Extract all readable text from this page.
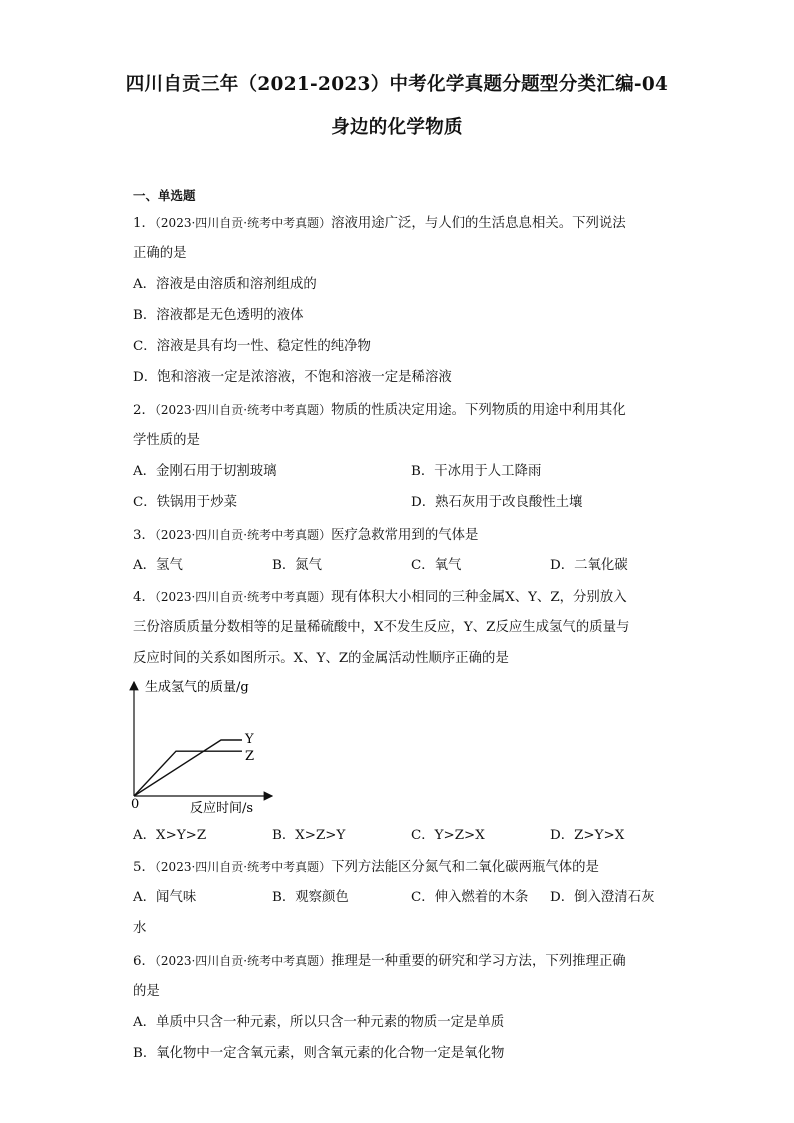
四川自贡三年（2021-2023）中考化学真题分题型分类汇编-04
身边的化学物质
一、单选题
1．（2023·四川自贡·统考中考真题）溶液用途广泛，与人们的生活息息相关。下列说法
正确的是
A．溶液是由溶质和溶剂组成的
B．溶液都是无色透明的液体
C．溶液是具有均一性、稳定性的纯净物
D．饱和溶液一定是浓溶液，不饱和溶液一定是稀溶液
2．（2023·四川自贡·统考中考真题）物质的性质决定用途。下列物质的用途中利用其化
学性质的是
A．金刚石用于切割玻璃	B．干冰用于人工降雨
C．铁锅用于炒菜	D．熟石灰用于改良酸性土壤
3．（2023·四川自贡·统考中考真题）医疗急救常用到的气体是
A．氢气	B．氮气	C．氧气	D．二氧化碳
4．（2023·四川自贡·统考中考真题）现有体积大小相同的三种金属X、Y、Z，分别放入
三份溶质质量分数相等的足量稀硫酸中，X不发生反应，Y、Z反应生成氢气的质量与
反应时间的关系如图所示。X、Y、Z的金属活动性顺序正确的是
生成氢气的质量/g
反应时间/s
0
Y
Z
A．X>Y>Z	B．X>Z>Y	C．Y>Z>X	D．Z>Y>X
5．（2023·四川自贡·统考中考真题）下列方法能区分氮气和二氧化碳两瓶气体的是
A．闻气味	B．观察颜色	C．伸入燃着的木条 D．倒入澄清石灰
水
6．（2023·四川自贡·统考中考真题）推理是一种重要的研究和学习方法，下列推理正确
的是
A．单质中只含一种元素，所以只含一种元素的物质一定是单质
B．氧化物中一定含氧元素，则含氧元素的化合物一定是氧化物
